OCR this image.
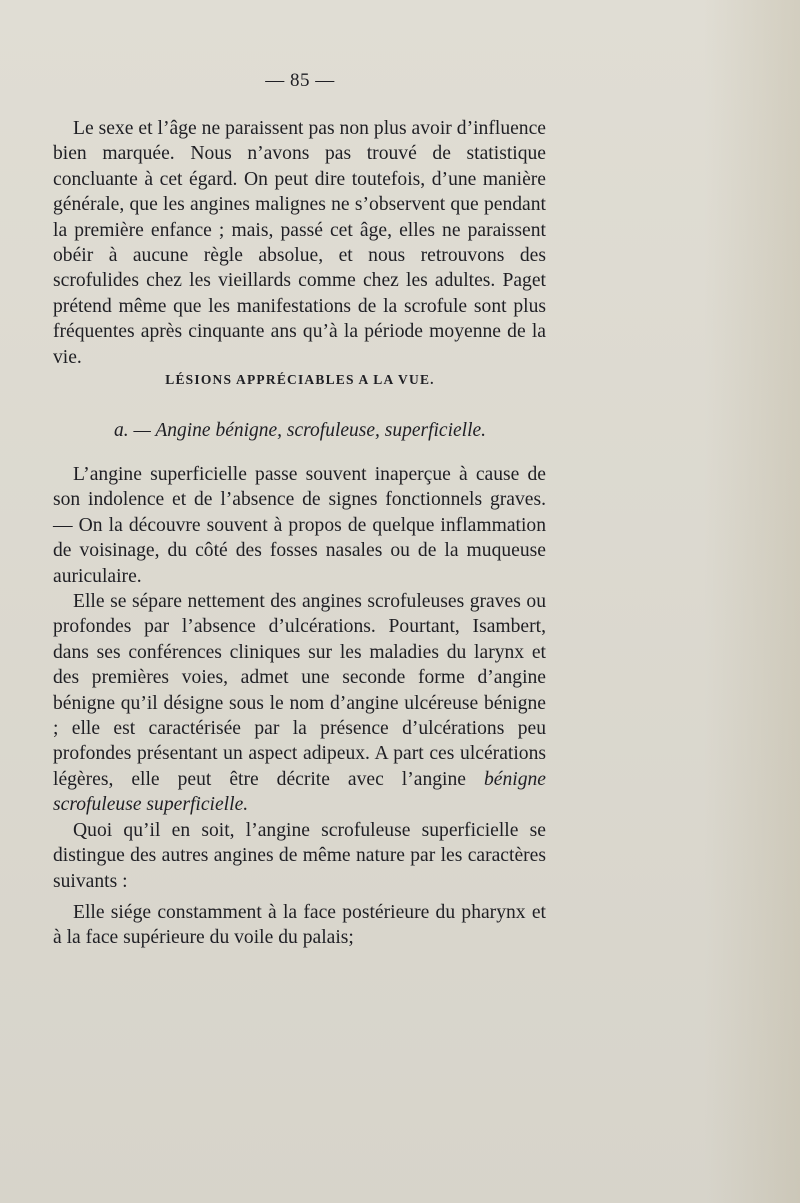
— 85 —

Le sexe et l’âge ne paraissent pas non plus avoir d’influence bien marquée. Nous n’avons pas trouvé de statistique concluante à cet égard. On peut dire toutefois, d’une manière générale, que les angines malignes ne s’observent que pendant la première enfance ; mais, passé cet âge, elles ne paraissent obéir à aucune règle absolue, et nous retrouvons des scrofulides chez les vieillards comme chez les adultes. Paget prétend même que les manifestations de la scrofule sont plus fréquentes après cinquante ans qu’à la période moyenne de la vie.

LÉSIONS APPRÉCIABLES A LA VUE.
a. — Angine bénigne, scrofuleuse, superficielle.

L’angine superficielle passe souvent inaperçue à cause de son indolence et de l’absence de signes fonctionnels graves. — On la découvre souvent à propos de quelque inflammation de voisinage, du côté des fosses nasales ou de la muqueuse auriculaire.

Elle se sépare nettement des angines scrofuleuses graves ou profondes par l’absence d’ulcérations. Pourtant, Isambert, dans ses conférences cliniques sur les maladies du larynx et des premières voies, admet une seconde forme d’angine bénigne qu’il désigne sous le nom d’angine ulcéreuse bénigne ; elle est caractérisée par la présence d’ulcérations peu profondes présentant un aspect adipeux. A part ces ulcérations légères, elle peut être décrite avec l’angine bénigne scrofuleuse superficielle.

Quoi qu’il en soit, l’angine scrofuleuse superficielle se distingue des autres angines de même nature par les caractères suivants :

Elle siége constamment à la face postérieure du pharynx et à la face supérieure du voile du palais;
